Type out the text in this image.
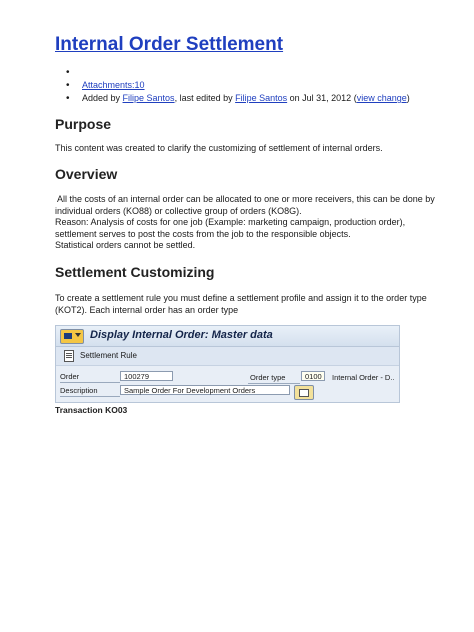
Internal Order Settlement
•
• Attachments:10
• Added by Filipe Santos, last edited by Filipe Santos on Jul 31, 2012 (view change)
Purpose

This content was created to clarify the customizing of settlement of internal orders.

Overview
All the costs of an internal order can be allocated to one or more receivers, this can be done by
individual orders (KO88) or collective group of orders (KO8G).
Reason: Analysis of costs for one job (Example: marketing campaign, production order),
settlement serves to post the costs from the job to the responsible objects.
Statistical orders cannot be settled.
Settlement Customizing
To create a settlement rule you must define a settlement profile and assign it to the order type
(KOT2). Each internal order has an order type
Display Internal Order: Master data
Settlement Rule
Order	100279	Order type	0100	Internal Order - D..
Description	Sample Order For Development Orders

Transaction KO03
